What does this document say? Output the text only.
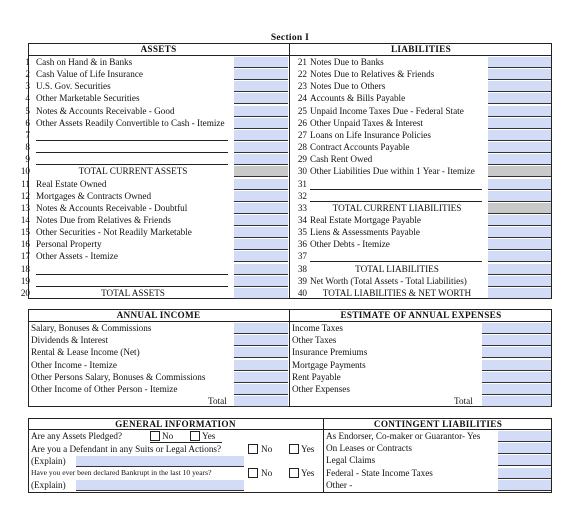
Section I
ASSETS	LIABILITIES
1 Cash on Hand & in Banks
2 Cash Value of Life Insurance
3 U.S. Gov. Securities
4 Other Marketable Securities
5 Notes & Accounts Receivable - Good
6 Other Assets Readily Convertible to Cash - Itemize
7
8
9
10	TOTAL CURRENT ASSETS
11 Real Estate Owned
12 Mortgages & Contracts Owned
13 Notes & Accounts Receivable - Doubtful
14 Notes Due from Relatives & Friends
15 Other Securities - Not Readily Marketable
16 Personal Property
17 Other Assets - Itemize
18
19
20	TOTAL ASSETS
21 Notes Due to Banks
22 Notes Due to Relatives & Friends
23 Notes Due to Others
24 Accounts & Bills Payable
25 Unpaid Income Taxes Due - Federal State
26 Other Unpaid Taxes & Interest
27 Loans on Life Insurance Policies
28 Contract Accounts Payable
29 Cash Rent Owed
30 Other Liabilities Due within 1 Year - Itemize
31
32
33	TOTAL CURRENT LIABILITIES
34 Real Estate Mortgage Payable
35 Liens & Assessments Payable
36 Other Debts - Itemize
37
38	TOTAL LIABILITIES
39 Net Worth (Total Assets - Total Liabilities)
40	TOTAL LIABILITIES & NET WORTH
ANNUAL INCOME	ESTIMATE OF ANNUAL EXPENSES
Salary, Bonuses & Commissions
Dividends & Interest
Rental & Lease Income (Net)
Other Income - Itemize
Other Persons Salary, Bonuses & Commissions
Other Income of Other Person - Itemize
Total
Income Taxes
Other Taxes
Insurance Premiums
Mortgage Payments
Rent Payable
Other Expenses
Total
GENERAL INFORMATION	CONTINGENT LIABILITIES
Are any Assets Pledged?	No	Yes
Are you a Defendant in any Suits or Legal Actions?	No	Yes
(Explain)
Have you ever been declared Bankrupt in the last 10 years?	No	Yes
(Explain)
As Endorser, Co-maker or Guarantor- Yes
On Leases or Contracts
Legal Claims
Federal - State Income Taxes
Other -
